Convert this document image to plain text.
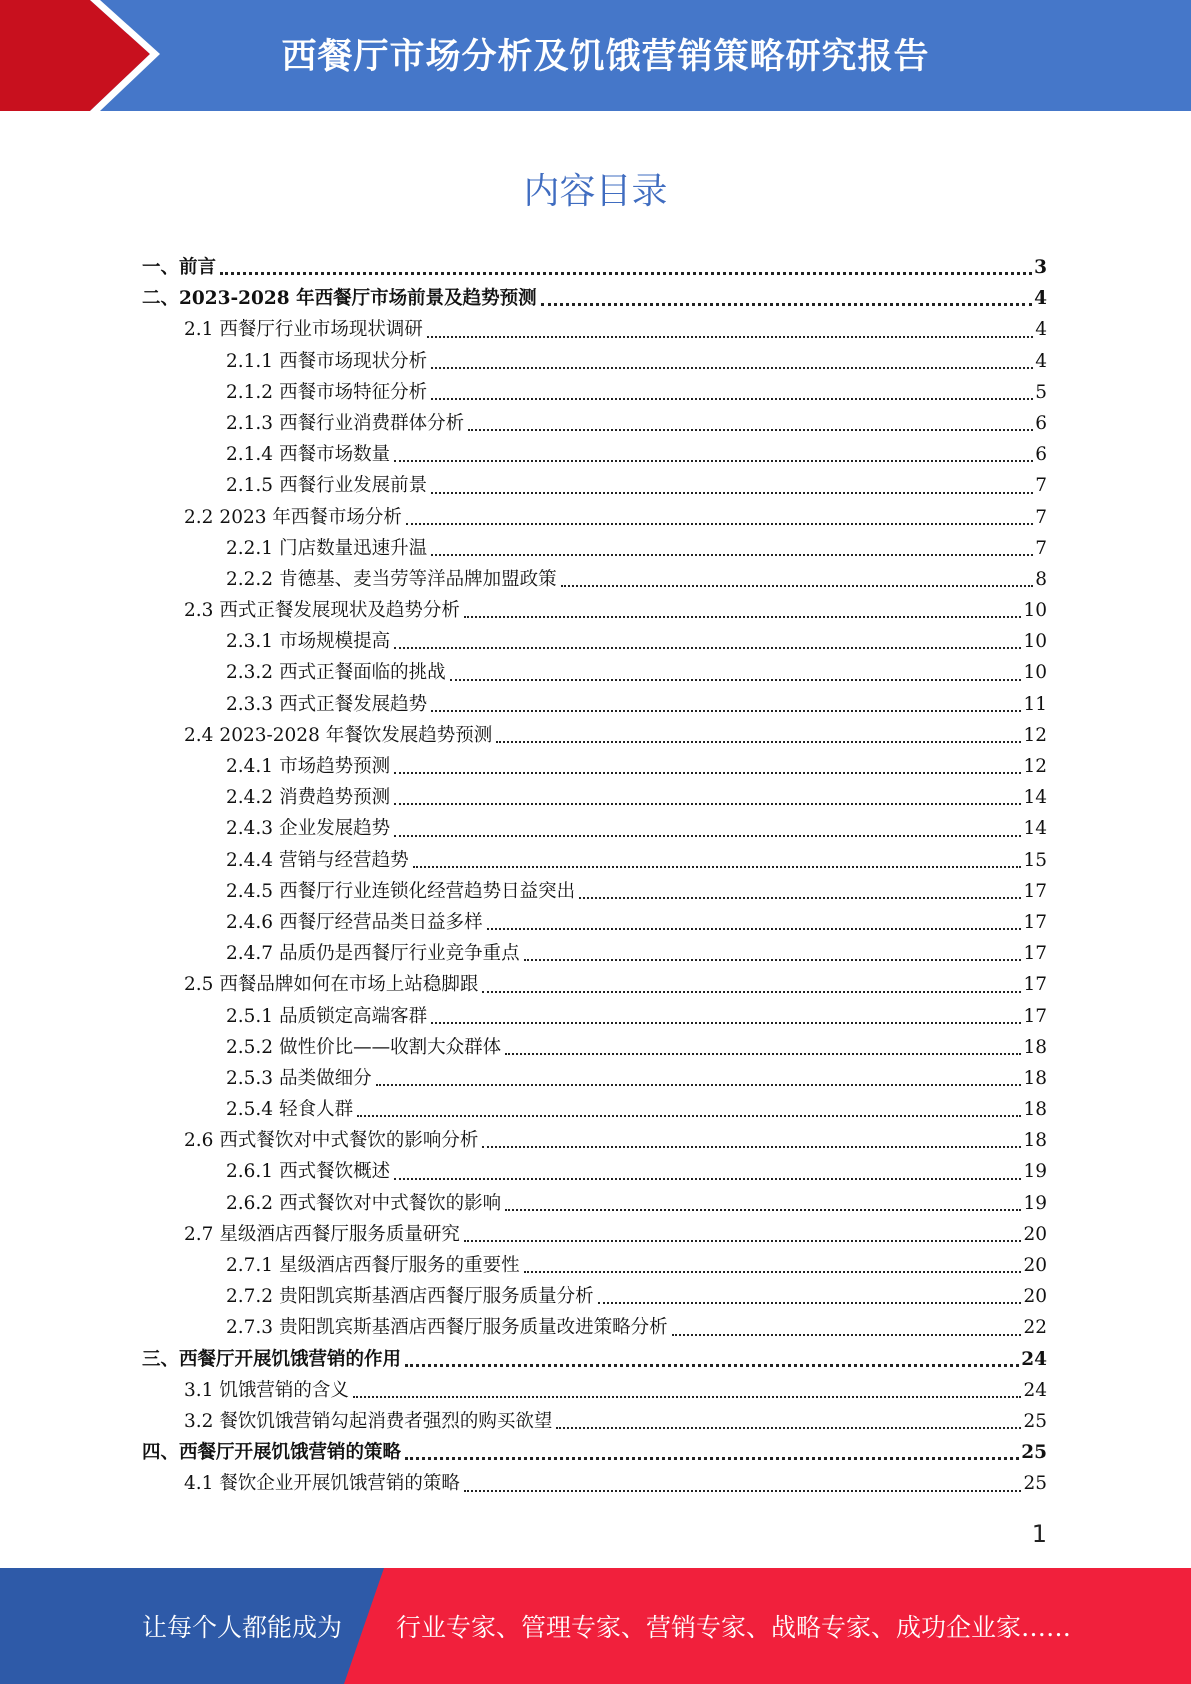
西餐厅市场分析及饥饿营销策略研究报告
内容目录
一、 前言	3
二、 2023-2028 年西餐厅市场前景及趋势预测	4
2.1 西餐厅行业市场现状调研	4
2.1.1 西餐市场现状分析	4
2.1.2 西餐市场特征分析	5
2.1.3 西餐行业消费群体分析	6
2.1.4 西餐市场数量	6
2.1.5 西餐行业发展前景	7
2.2 2023 年西餐市场分析	7
2.2.1 门店数量迅速升温	7
2.2.2 肯德基、麦当劳等洋品牌加盟政策	8
2.3 西式正餐发展现状及趋势分析	10
2.3.1 市场规模提高	10
2.3.2 西式正餐面临的挑战	10
2.3.3 西式正餐发展趋势	11
2.4 2023-2028 年餐饮发展趋势预测	12
2.4.1 市场趋势预测	12
2.4.2 消费趋势预测	14
2.4.3 企业发展趋势	14
2.4.4 营销与经营趋势	15
2.4.5 西餐厅行业连锁化经营趋势日益突出	17
2.4.6 西餐厅经营品类日益多样	17
2.4.7 品质仍是西餐厅行业竞争重点	17
2.5 西餐品牌如何在市场上站稳脚跟	17
2.5.1 品质锁定高端客群	17
2.5.2 做性价比——收割大众群体	18
2.5.3 品类做细分	18
2.5.4 轻食人群	18
2.6 西式餐饮对中式餐饮的影响分析	18
2.6.1 西式餐饮概述	19
2.6.2 西式餐饮对中式餐饮的影响	19
2.7 星级酒店西餐厅服务质量研究	20
2.7.1 星级酒店西餐厅服务的重要性	20
2.7.2 贵阳凯宾斯基酒店西餐厅服务质量分析	20
2.7.3 贵阳凯宾斯基酒店西餐厅服务质量改进策略分析	22
三、 西餐厅开展饥饿营销的作用	24
3.1 饥饿营销的含义	24
3.2 餐饮饥饿营销勾起消费者强烈的购买欲望	25
四、 西餐厅开展饥饿营销的策略	25
4.1 餐饮企业开展饥饿营销的策略	25
1
让每个人都能成为 行业专家、管理专家、营销专家、战略专家、成功企业家……
